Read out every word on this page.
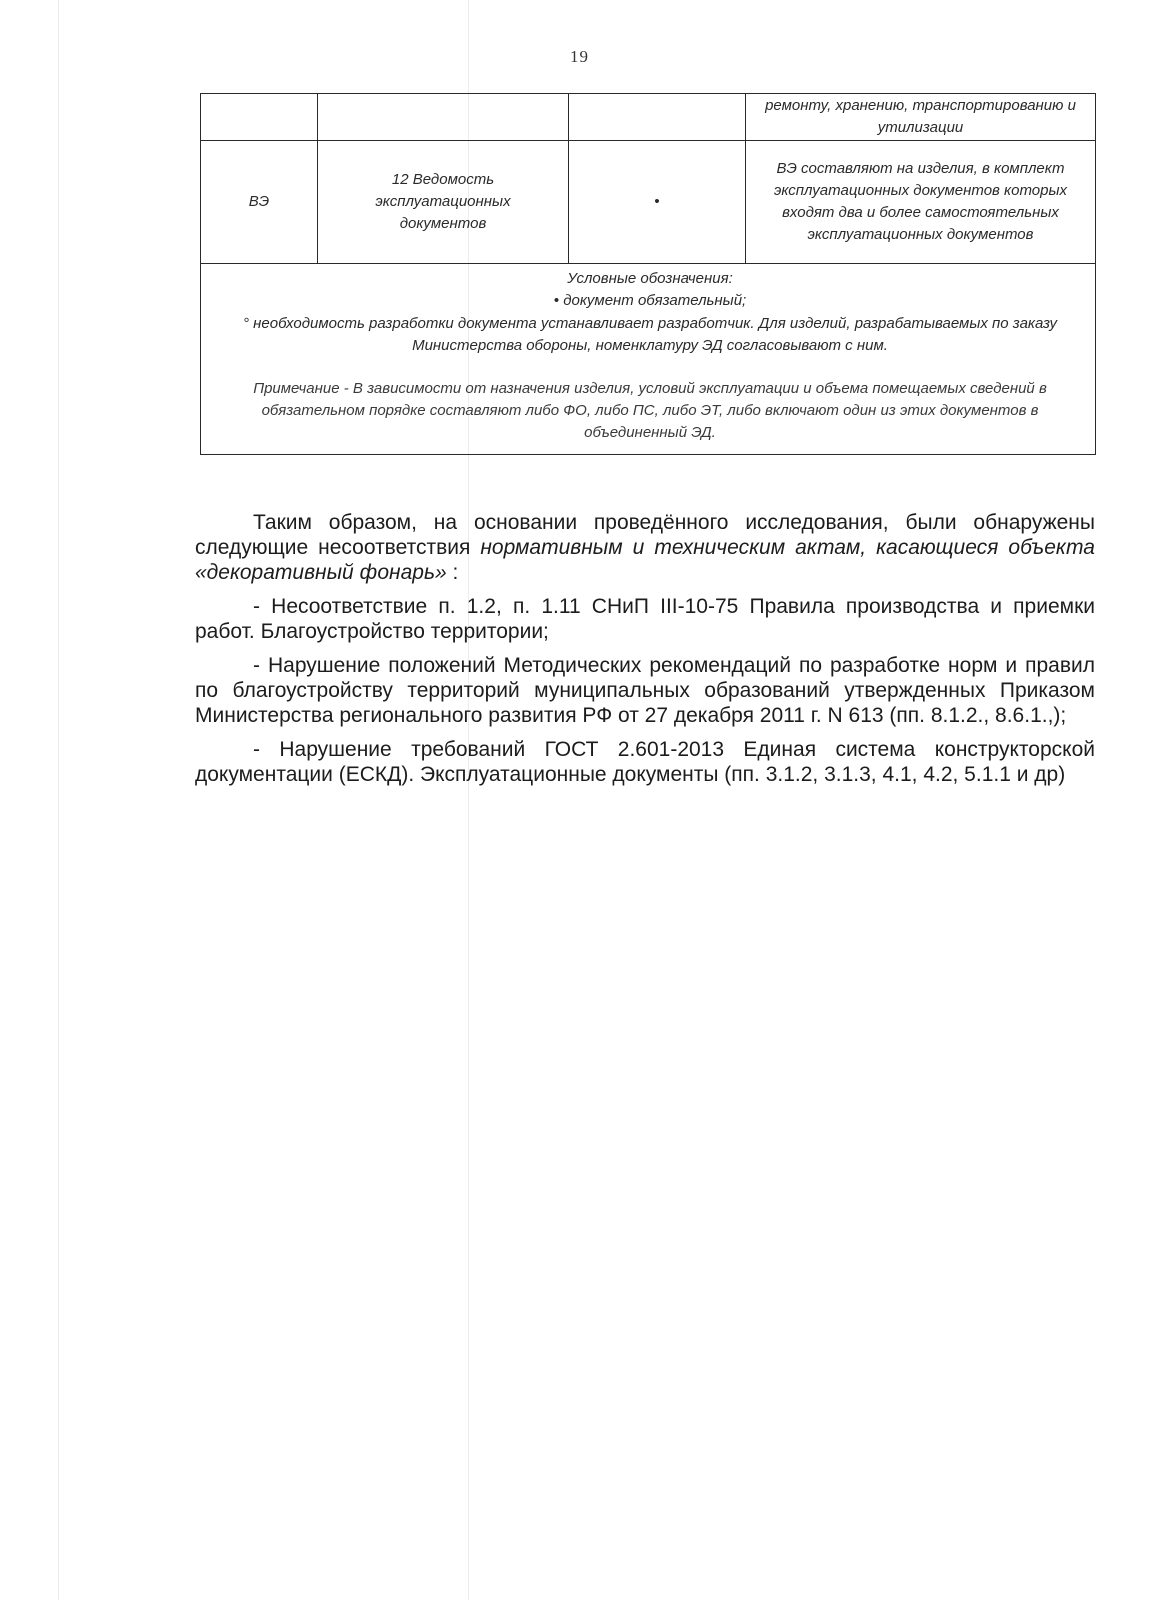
19
ремонту, хранению, транспортированию и утилизации
ВЭ
12 Ведомость эксплуатационных документов
•
ВЭ составляют на изделия, в комплект эксплуатационных документов которых входят два и более самостоятельных эксплуатационных документов
Условные обозначения:
• документ обязательный;
° необходимость разработки документа устанавливает разработчик. Для изделий, разрабатываемых по заказу Министерства обороны, номенклатуру ЭД согласовывают с ним.
Примечание - В зависимости от назначения изделия, условий эксплуатации и объема помещаемых сведений в обязательном порядке составляют либо ФО, либо ПС, либо ЭТ, либо включают один из этих документов в объединенный ЭД.

Таким образом, на основании проведённого исследования, были обнаружены следующие несоответствия нормативным и техническим актам, касающиеся объекта «декоративный фонарь» :

- Несоответствие п. 1.2, п. 1.11 СНиП III-10-75 Правила производства и приемки работ. Благоустройство территории;

- Нарушение положений Методических рекомендаций по разработке норм и правил по благоустройству территорий муниципальных образований утвержденных Приказом Министерства регионального развития РФ от 27 декабря 2011 г. N 613 (пп. 8.1.2., 8.6.1.,);

- Нарушение требований ГОСТ 2.601-2013 Единая система конструкторской документации (ЕСКД). Эксплуатационные документы (пп. 3.1.2, 3.1.3, 4.1, 4.2, 5.1.1 и др)
